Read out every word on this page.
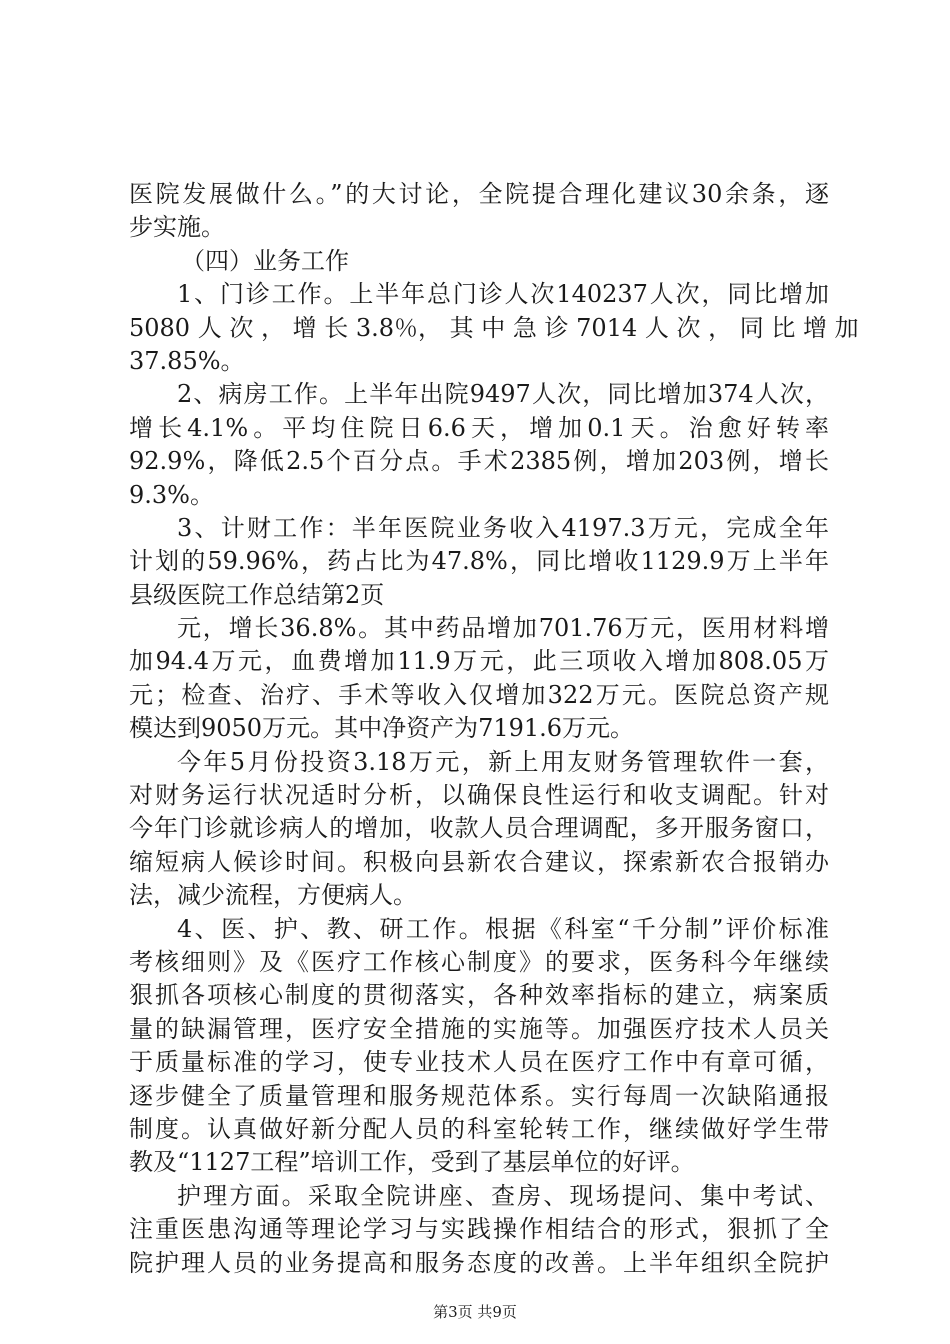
医院发展做什么。”的大讨论，全院提合理化建议30余条，逐
步实施。
（四）业务工作
1、门诊工作。上半年总门诊人次140237人次，同比增加
5080 人 次 ， 增 长 3.8％， 其 中 急 诊 7014 人 次 ， 同 比 增 加
37.85%。
2、病房工作。上半年出院9497人次，同比增加374人次，
增长4.1%。平均住院日6.6天，增加0.1天。治愈好转率
92.9%，降低2.5个百分点。手术2385例，增加203例，增长
9.3%。
3、计财工作：半年医院业务收入4197.3万元，完成全年
计划的59.96%，药占比为47.8%，同比增收1129.9万上半年
县级医院工作总结第2页
元，增长36.8%。其中药品增加701.76万元，医用材料增
加94.4万元，血费增加11.9万元，此三项收入增加808.05万
元；检查、治疗、手术等收入仅增加322万元。医院总资产规
模达到9050万元。其中净资产为7191.6万元。
今年5月份投资3.18万元，新上用友财务管理软件一套，
对财务运行状况适时分析，以确保良性运行和收支调配。针对
今年门诊就诊病人的增加，收款人员合理调配，多开服务窗口，
缩短病人候诊时间。积极向县新农合建议，探索新农合报销办
法，减少流程，方便病人。
4、医、护、教、研工作。根据《科室“千分制”评价标准
考核细则》及《医疗工作核心制度》的要求，医务科今年继续
狠抓各项核心制度的贯彻落实，各种效率指标的建立，病案质
量的缺漏管理，医疗安全措施的实施等。加强医疗技术人员关
于质量标准的学习，使专业技术人员在医疗工作中有章可循，
逐步健全了质量管理和服务规范体系。实行每周一次缺陷通报
制度。认真做好新分配人员的科室轮转工作，继续做好学生带
教及“1127工程”培训工作，受到了基层单位的好评。
护理方面。采取全院讲座、查房、现场提问、集中考试、
注重医患沟通等理论学习与实践操作相结合的形式，狠抓了全
院护理人员的业务提高和服务态度的改善。上半年组织全院护
第3页 共9页
